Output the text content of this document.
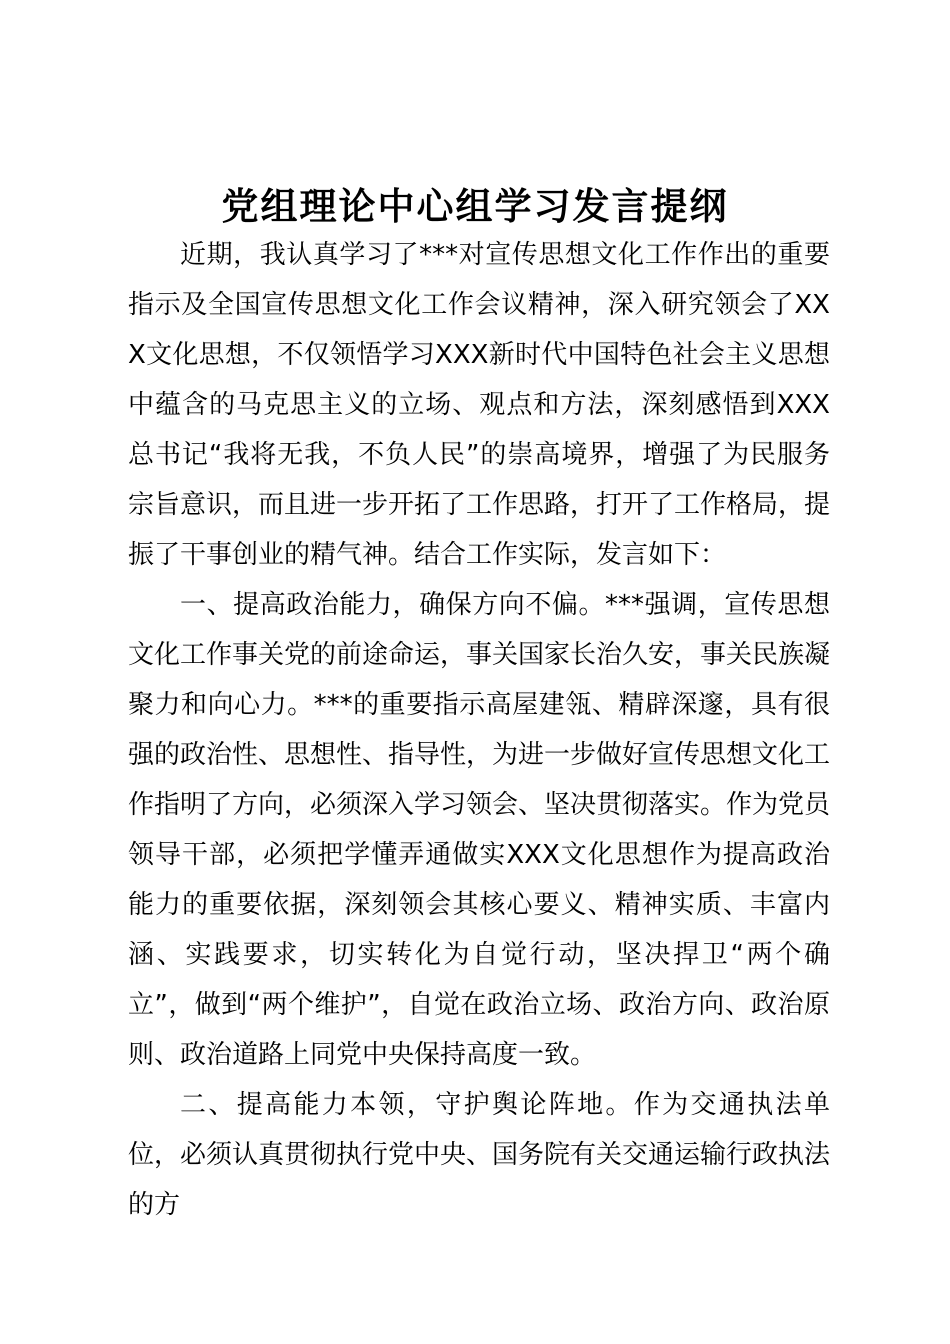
党组理论中心组学习发言提纲

近期，我认真学习了***对宣传思想文化工作作出的重要指示及全国宣传思想文化工作会议精神，深入研究领会了XXX文化思想，不仅领悟学习XXX新时代中国特色社会主义思想中蕴含的马克思主义的立场、观点和方法，深刻感悟到XXX总书记“我将无我，不负人民”的崇高境界，增强了为民服务宗旨意识，而且进一步开拓了工作思路，打开了工作格局，提振了干事创业的精气神。结合工作实际，发言如下：

一、提高政治能力，确保方向不偏。***强调，宣传思想文化工作事关党的前途命运，事关国家长治久安，事关民族凝聚力和向心力。***的重要指示高屋建瓴、精辟深邃，具有很强的政治性、思想性、指导性，为进一步做好宣传思想文化工作指明了方向，必须深入学习领会、坚决贯彻落实。作为党员领导干部，必须把学懂弄通做实XXX文化思想作为提高政治能力的重要依据，深刻领会其核心要义、精神实质、丰富内涵、实践要求，切实转化为自觉行动，坚决捍卫“两个确立”，做到“两个维护”，自觉在政治立场、政治方向、政治原则、政治道路上同党中央保持高度一致。

二、提高能力本领，守护舆论阵地。作为交通执法单位，必须认真贯彻执行党中央、国务院有关交通运输行政执法的方
